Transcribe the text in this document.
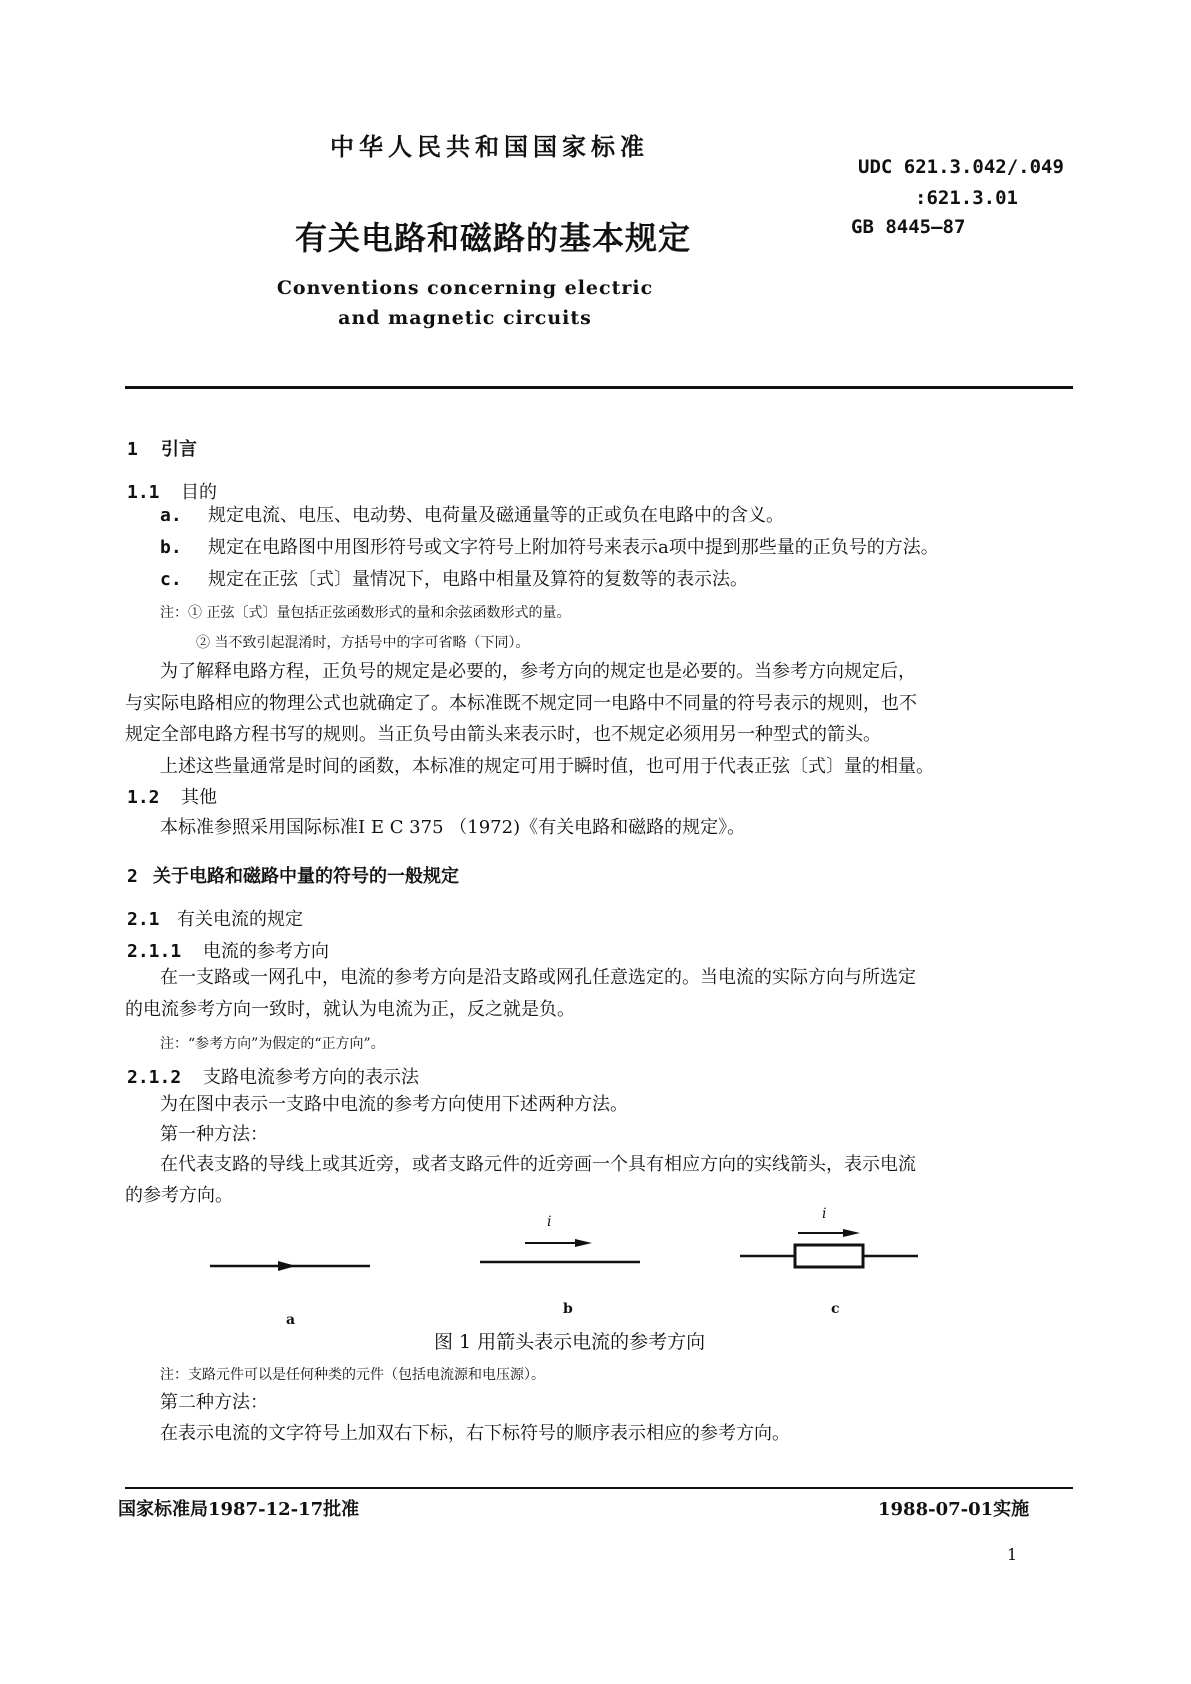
中华人民共和国国家标准
UDC 621.3.042/.049
:621.3.01
GB 8445—87
有关电路和磁路的基本规定
Conventions concerning electric
and magnetic circuits
1 引言
1.1 目的
a. 规定电流、电压、电动势、电荷量及磁通量等的正或负在电路中的含义。
b. 规定在电路图中用图形符号或文字符号上附加符号来表示a项中提到那些量的正负号的方法。
c. 规定在正弦〔式〕量情况下，电路中相量及算符的复数等的表示法。
注：① 正弦〔式〕量包括正弦函数形式的量和余弦函数形式的量。
② 当不致引起混淆时，方括号中的字可省略（下同）。
为了解释电路方程，正负号的规定是必要的，参考方向的规定也是必要的。当参考方向规定后，
与实际电路相应的物理公式也就确定了。本标准既不规定同一电路中不同量的符号表示的规则，也不
规定全部电路方程书写的规则。当正负号由箭头来表示时，也不规定必须用另一种型式的箭头。
上述这些量通常是时间的函数，本标准的规定可用于瞬时值，也可用于代表正弦〔式〕量的相量。
1.2 其他
本标准参照采用国际标准I E C 375 （1972)《有关电路和磁路的规定》。
2 关于电路和磁路中量的符号的一般规定
2.1 有关电流的规定
2.1.1 电流的参考方向
在一支路或一网孔中，电流的参考方向是沿支路或网孔任意选定的。当电流的实际方向与所选定
的电流参考方向一致时，就认为电流为正，反之就是负。
注：“参考方向”为假定的“正方向”。
2.1.2 支路电流参考方向的表示法
为在图中表示一支路中电流的参考方向使用下述两种方法。
第一种方法：
在代表支路的导线上或其近旁，或者支路元件的近旁画一个具有相应方向的实线箭头，表示电流
的参考方向。
i	i
a
b	c
图 1 用箭头表示电流的参考方向
注：支路元件可以是任何种类的元件（包括电流源和电压源）。
第二种方法：
在表示电流的文字符号上加双右下标，右下标符号的顺序表示相应的参考方向。
国家标准局1987-12-17批准	1988-07-01实施
1
